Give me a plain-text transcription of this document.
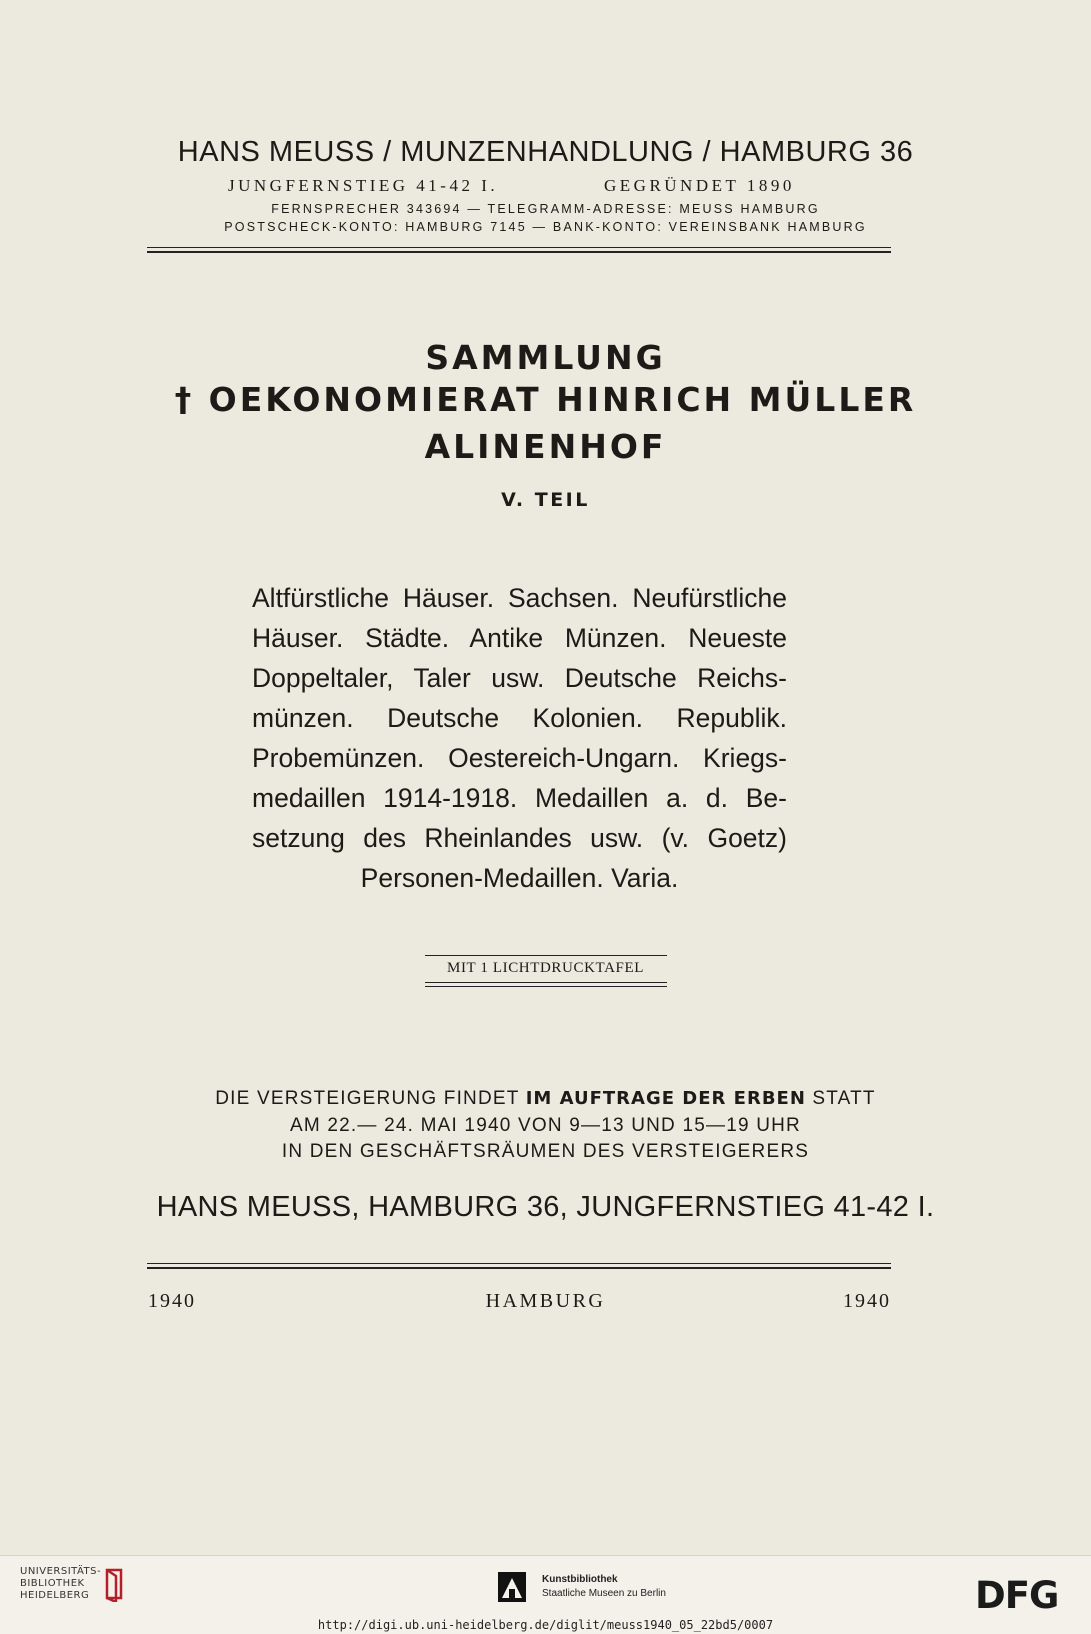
HANS MEUSS / MUNZENHANDLUNG / HAMBURG 36
JUNGFERNSTIEG 41-42 I.	GEGRÜNDET 1890
FERNSPRECHER 343694 — TELEGRAMM-ADRESSE: MEUSS HAMBURG
POSTSCHECK-KONTO: HAMBURG 7145 — BANK-KONTO: VEREINSBANK HAMBURG
SAMMLUNG
† OEKONOMIERAT HINRICH MÜLLER
ALINENHOF
V. TEIL
Altfürstliche Häuser. Sachsen. Neufürstliche
Häuser. Städte. Antike Münzen. Neueste
Doppeltaler, Taler usw. Deutsche Reichs-
münzen. Deutsche Kolonien. Republik.
Probemünzen. Oestereich-Ungarn. Kriegs-
medaillen 1914-1918. Medaillen a. d. Be-
setzung des Rheinlandes usw. (v. Goetz)
Personen-Medaillen. Varia.
MIT 1 LICHTDRUCKTAFEL
DIE VERSTEIGERUNG FINDET IM AUFTRAGE DER ERBEN STATT
AM 22.— 24. MAI 1940 VON 9—13 UND 15—19 UHR
IN DEN GESCHÄFTSRÄUMEN DES VERSTEIGERERS
HANS MEUSS, HAMBURG 36, JUNGFERNSTIEG 41-42 I.
1940	HAMBURG	1940
UNIVERSITÄTS-
BIBLIOTHEK
HEIDELBERG
Kunstbibliothek
Staatliche Museen zu Berlin	DFG
http://digi.ub.uni-heidelberg.de/diglit/meuss1940_05_22bd5/0007
